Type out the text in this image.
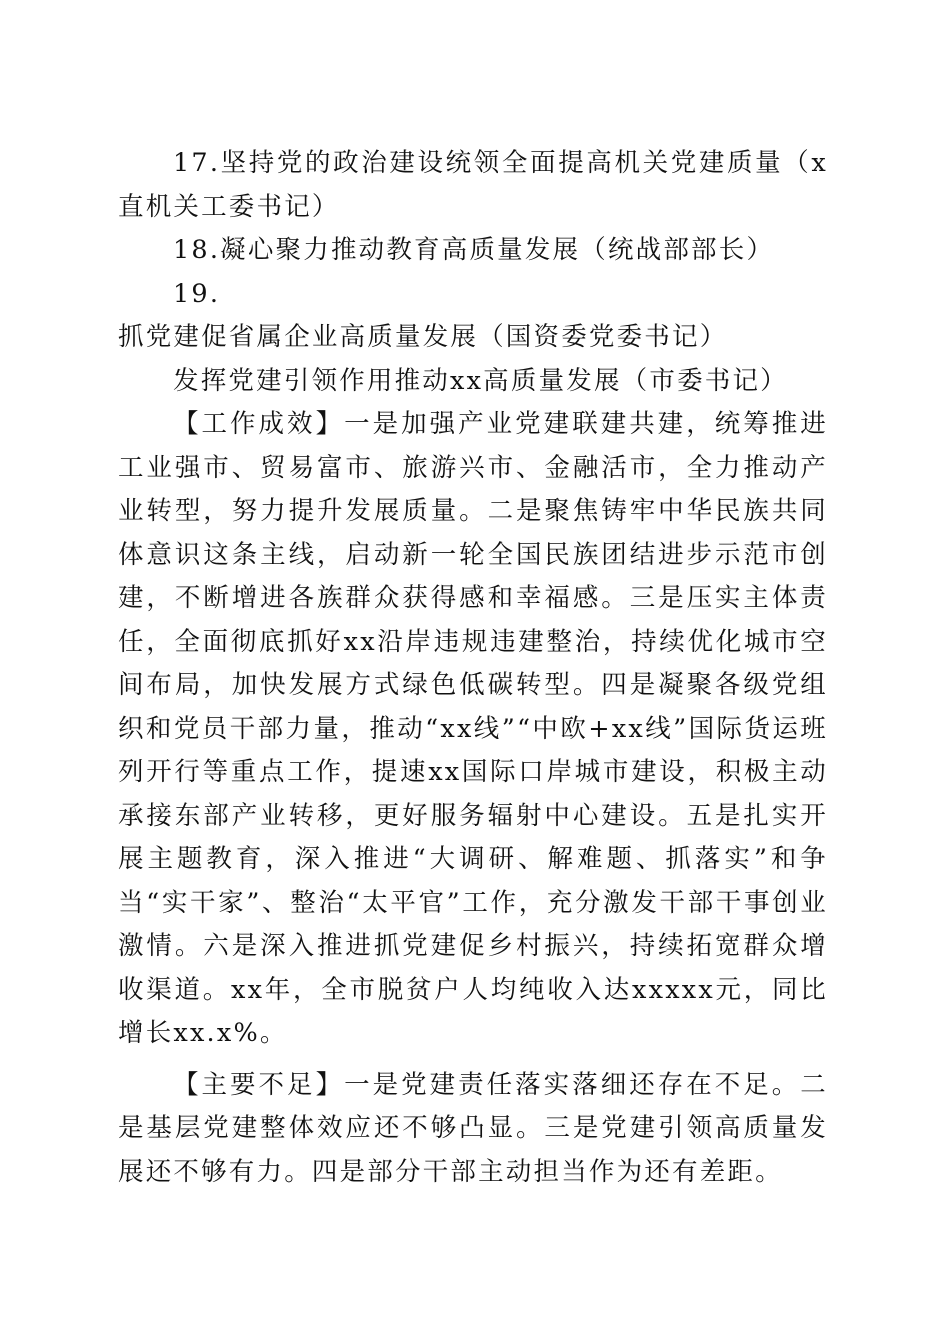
17.坚持党的政治建设统领全面提高机关党建质量（x直机关工委书记）

18.凝心聚力推动教育高质量发展（统战部部长）

19.抓党建促省属企业高质量发展（国资委党委书记）

发挥党建引领作用推动xx高质量发展（市委书记）

【工作成效】一是加强产业党建联建共建，统筹推进工业强市、贸易富市、旅游兴市、金融活市，全力推动产业转型，努力提升发展质量。二是聚焦铸牢中华民族共同体意识这条主线，启动新一轮全国民族团结进步示范市创建，不断增进各族群众获得感和幸福感。三是压实主体责任，全面彻底抓好xx沿岸违规违建整治，持续优化城市空间布局，加快发展方式绿色低碳转型。四是凝聚各级党组织和党员干部力量，推动“xx线”“中欧+xx线”国际货运班列开行等重点工作，提速xx国际口岸城市建设，积极主动承接东部产业转移，更好服务辐射中心建设。五是扎实开展主题教育，深入推进“大调研、解难题、抓落实”和争当“实干家”、整治“太平官”工作，充分激发干部干事创业激情。六是深入推进抓党建促乡村振兴，持续拓宽群众增收渠道。xx年，全市脱贫户人均纯收入达xxxxx元，同比增长xx.x%。

【主要不足】一是党建责任落实落细还存在不足。二是基层党建整体效应还不够凸显。三是党建引领高质量发展还不够有力。四是部分干部主动担当作为还有差距。
